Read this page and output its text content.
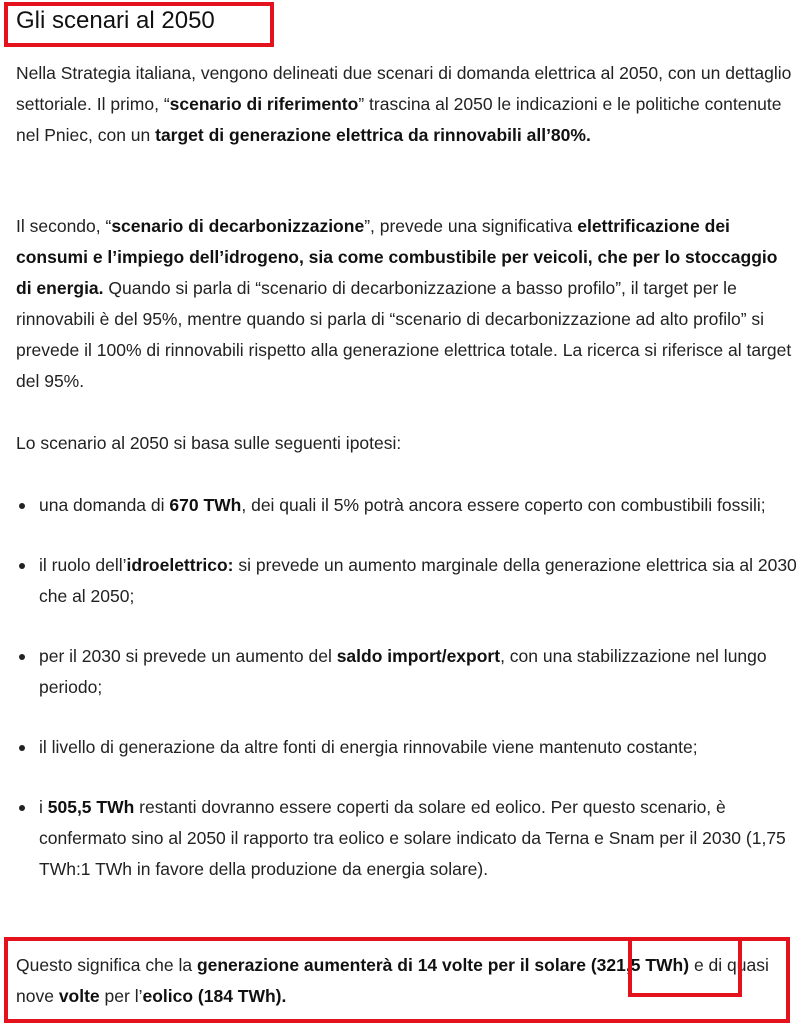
Gli scenari al 2050

Nella Strategia italiana, vengono delineati due scenari di domanda elettrica al 2050, con un dettaglio settoriale. Il primo, “scenario di riferimento” trascina al 2050 le indicazioni e le politiche contenute nel Pniec, con un target di generazione elettrica da rinnovabili all’80%.

Il secondo, “scenario di decarbonizzazione”, prevede una significativa elettrificazione dei consumi e l’impiego dell’idrogeno, sia come combustibile per veicoli, che per lo stoccaggio di energia. Quando si parla di “scenario di decarbonizzazione a basso profilo”, il target per le rinnovabili è del 95%, mentre quando si parla di “scenario di decarbonizzazione ad alto profilo” si prevede il 100% di rinnovabili rispetto alla generazione elettrica totale. La ricerca si riferisce al target del 95%.

Lo scenario al 2050 si basa sulle seguenti ipotesi:

una domanda di 670 TWh, dei quali il 5% potrà ancora essere coperto con combustibili fossili;
il ruolo dell’idroelettrico: si prevede un aumento marginale della generazione elettrica sia al 2030 che al 2050;
per il 2030 si prevede un aumento del saldo import/export, con una stabilizzazione nel lungo periodo;
il livello di generazione da altre fonti di energia rinnovabile viene mantenuto costante;
i 505,5 TWh restanti dovranno essere coperti da solare ed eolico. Per questo scenario, è confermato sino al 2050 il rapporto tra eolico e solare indicato da Terna e Snam per il 2030 (1,75 TWh:1 TWh in favore della produzione da energia solare).

Questo significa che la generazione aumenterà di 14 volte per il solare (321,5 TWh) e di quasi nove volte per l’eolico (184 TWh).
